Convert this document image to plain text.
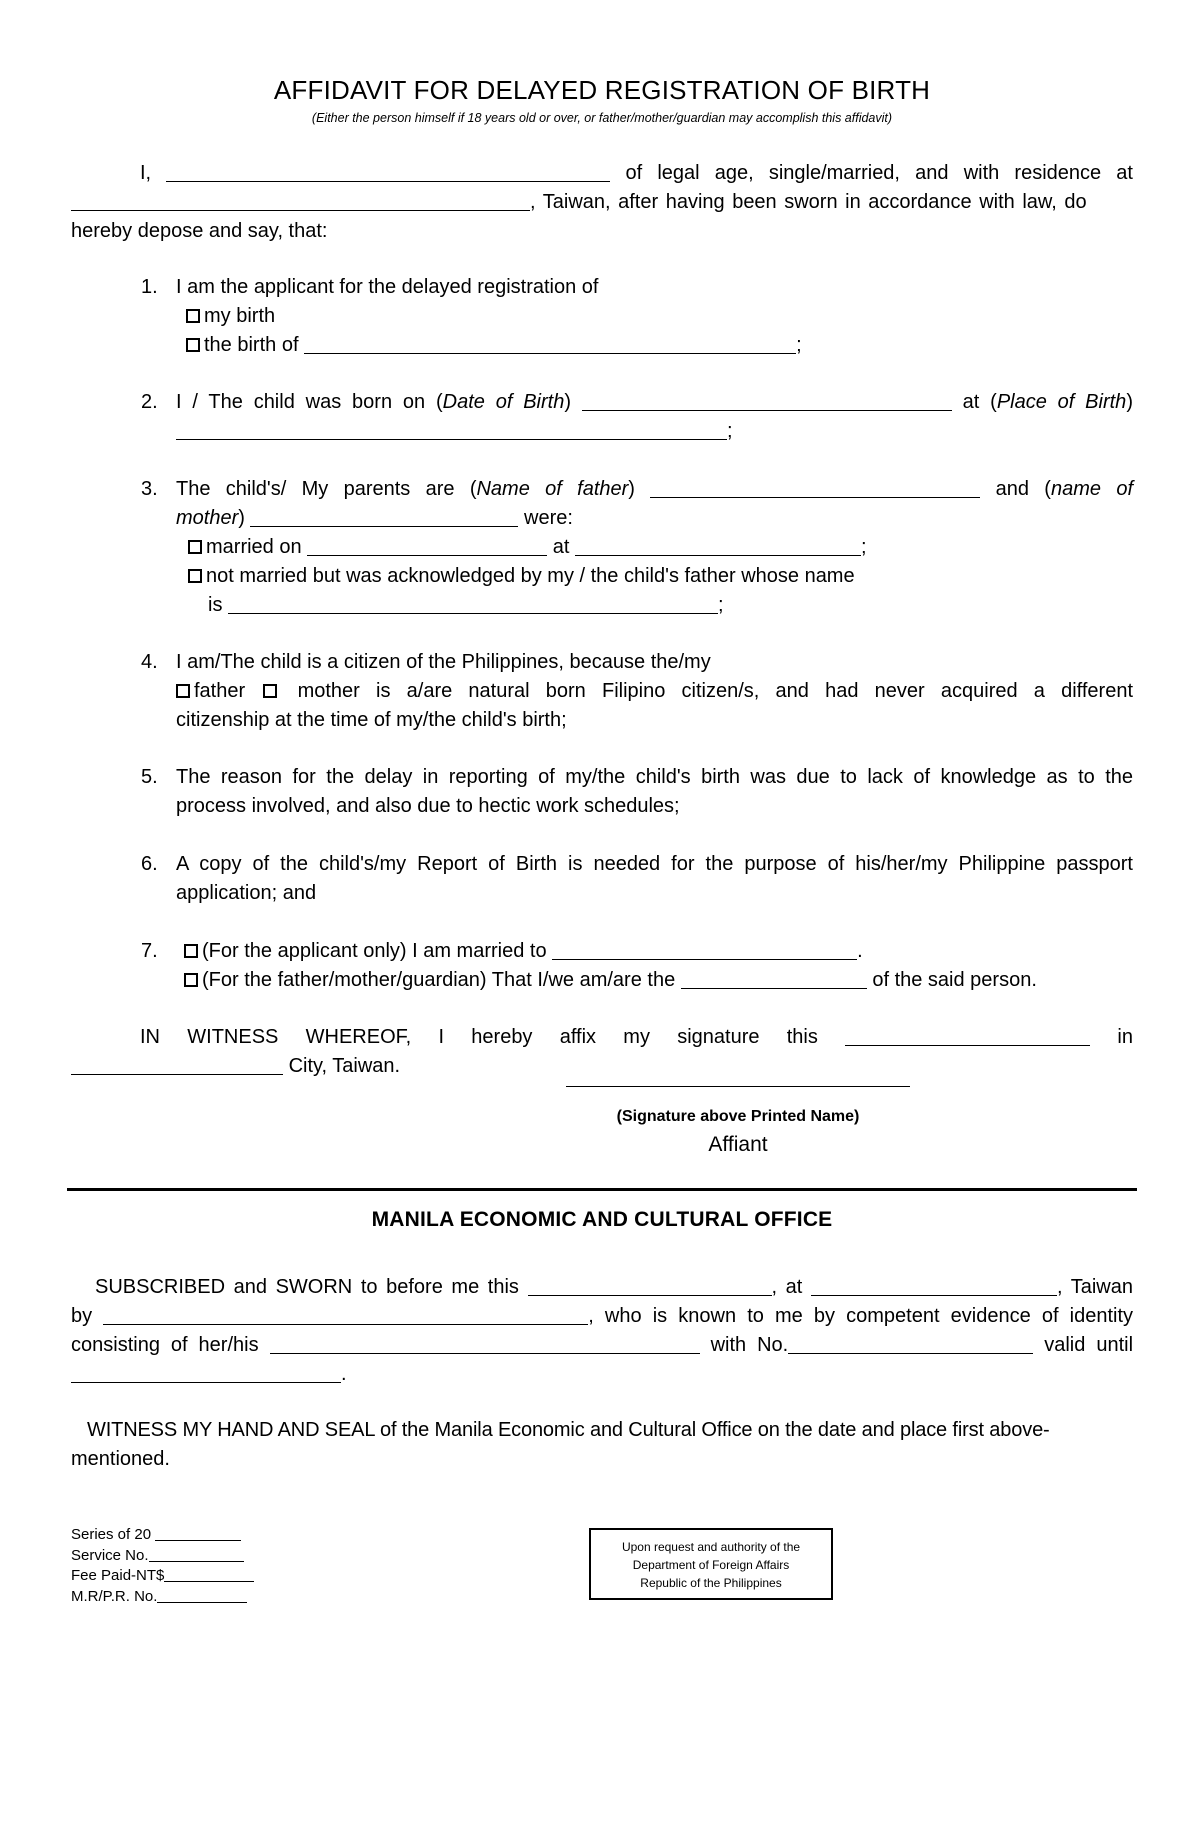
AFFIDAVIT FOR DELAYED REGISTRATION OF BIRTH
(Either the person himself if 18 years old or over, or father/mother/guardian may accomplish this affidavit)
I,	of legal age, single/married, and with residence at
, Taiwan, after having been sworn in accordance with law, do
hereby depose and say, that:
1. I am the applicant for the delayed registration of
my birth
the birth of	;
2. I / The child was born on (Date of Birth)	at (Place of Birth)
;
3. The child's/ My parents are (Name of father)	and (name of
mother)	were:
married on	at	;
not married but was acknowledged by my / the child's father whose name
is	;
4. I am/The child is a citizen of the Philippines, because the/my
father	mother is a/are natural born Filipino citizen/s, and had never acquired a different
citizenship at the time of my/the child's birth;
5. The reason for the delay in reporting of my/the child's birth was due to lack of knowledge as to the
process involved, and also due to hectic work schedules;
6. A copy of the child's/my Report of Birth is needed for the purpose of his/her/my Philippine passport
application; and
7.	(For the applicant only) I am married to	.
(For the father/mother/guardian) That I/we am/are the	of the said person.
IN WITNESS WHEREOF, I hereby affix my signature this	in
City, Taiwan.
(Signature above Printed Name)
Affiant
MANILA ECONOMIC AND CULTURAL OFFICE
SUBSCRIBED and SWORN to before me this	, at	, Taiwan
by	, who is known to me by competent evidence of identity
consisting of her/his	with No.	valid until
.
WITNESS MY HAND AND SEAL of the Manila Economic and Cultural Office on the date and place first above-
mentioned.
Series of 20
Service No.
Fee Paid-NT$
M.R/P.R. No.
Upon request and authority of the
Department of Foreign Affairs
Republic of the Philippines
